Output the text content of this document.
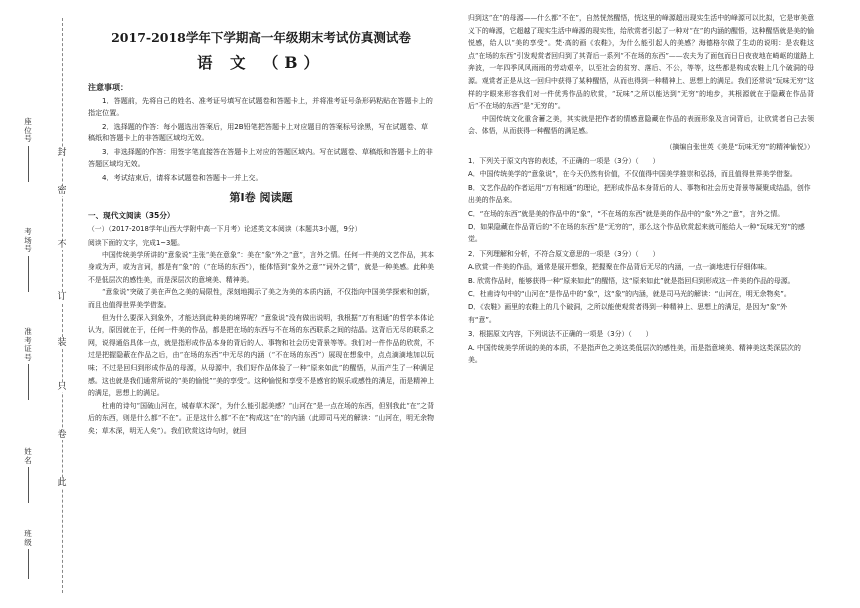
封
密
不
订
装
只
卷
此
座位号
考场号
准考证号
姓名
班级
2017-2018学年下学期高一年级期末考试仿真测试卷
语 文 （B）
注意事项：
1．答题前，先将自己的姓名、准考证号填写在试题卷和答题卡上，并将准考证号条形码粘贴在答题卡上的指定位置。
2．选择题的作答：每小题选出答案后，用2B铅笔把答题卡上对应题目的答案标号涂黑，写在试题卷、草稿纸和答题卡上的非答题区域均无效。
3．非选择题的作答：用签字笔直接答在答题卡上对应的答题区域内。写在试题卷、草稿纸和答题卡上的非答题区域均无效。
4．考试结束后，请将本试题卷和答题卡一并上交。
第Ⅰ卷 阅读题
一、现代文阅读（35分）
（一）（2017-2018学年山西大学附中高一下月考）论述类文本阅读（本题共3小题，9分）
阅读下面的文字，完成1~3题。

中国传统美学所讲的“意象说”主张“美在意象”：美在“象”外之“意”，言外之情。任何一件美的文艺作品，其本身或为声，或为言词，都是有“象”的（“在场的东西”），能体悟到“象外之意”“词外之情”，就是一种美感。此种美不是低层次的感性美，而是深层次的意境美、精神美。

“意象说”突破了美在声色之美的局限性，深刻地揭示了美之为美的本质内涵，不仅指向中国美学探索和创新，而且也值得世界美学借鉴。

但为什么要深入到象外，才能达到此种美的境界呢？“意象说”没有做出说明，我根据“万有相通”的哲学本体论认为，原因就在于，任何一件美的作品，都是把在场的东西与不在场的东西联系之间的结晶。这背后无尽的联系之网，说得通俗具体一点，就是指形成作品本身的背后的人、事物和社会历史背景等等。我们对一件作品的欣赏，不过是把握隐蔽在作品之后，由“在场的东西”中无尽的内涵（“不在场的东西”）展现在想象中，点点滴滴地加以玩味；不过是回归到形成作品的母源，从母源中，我们好作品体验了一种“原来如此”的醒悟，从而产生了一种满足感。这也就是我们通常所说的“美的愉悦”“美的享受”。这种愉悦和享受不是感官的娱乐或感性的满足，而是精神上的满足，思想上的满足。

杜甫的诗句“国破山河在，城春草木深”，为什么能引起美感？“山河在”是一点在场的东西，但别我此“在”之背后的东西，则是什么都“不在”。正是这什么都“不在”构成这“在”的内涵（此即司马光的解读：“山河在，明无余物矣；草木深，明无人矣”）。我们欣赏这诗句时，就回

归到这“在”的母源——什么都“不在”，自然恍然醒悟，恍这里的峰源超出现实生活中的峰源可以比拟，它是审美意义下的峰源，它超越了现实生活中峰源的现实性，给欣赏者引起了一种对“在”的内涵的醒悟，这种醒悟就是美的愉悦感，给人以“美的享受”。梵·高的画《农鞋》，为什么能引起人的美感？海德格尔做了生动的说明：是农鞋这点“在场的东西”引发观赏者回归到了其背后一系列“不在场的东西”——农夫为了面包而日日夜夜地在崎岖的道路上奔波，一年四季风风雨雨的劳动艰辛，以至社会的贫穷、落后、不公，等等，这些都是构成农鞋上几个破洞的母源。观赏者正是从这一回归中获得了某种醒悟，从而也得到一种精神上、思想上的满足。我们还常说“玩味无穷”这样的字眼来形容我们对一件优秀作品的欣赏，“玩味”之所以能达到“无穷”的地步，其根源就在于隐藏在作品背后“不在场的东西”是“无穷的”。

中国传统文化重含蓄之美，其实就是把作者的情感意隐藏在作品的表面形象及言词背后，让欣赏者自己去领会、体悟，从而获得一种醒悟的满足感。

（摘编自张世英《美是“玩味无穷”的精神愉悦》）
1．下列关于原文内容的表述，不正确的一项是（3分）（　　）
A．中国传统美学的“意象说”，在今天仍然有价值，不仅值得中国美学推崇和弘扬，而且值得世界美学借鉴。
B．文艺作品的作者运用“万有相通”的理论，把形成作品本身背后的人、事物和社会历史背景等凝聚成结晶，创作出美的作品来。
C．“在场的东西”就是美的作品中的“象”，“不在场的东西”就是美的作品中的“象”外之“意”，言外之情。
D．如果隐藏在作品背后的“不在场的东西”是“无穷的”，那么这个作品欣赏起来就可能给人一种“玩味无穷”的感觉。
2．下列理解和分析，不符合原文意思的一项是（3分）（　　）
A.欣赏一件美的作品，通常是展开想象，把握聚在作品背后无尽的内涵，一点一滴地进行仔细体味。
B. 欣赏作品时，能够获得一种“原来如此”的醒悟，这“原来如此”就是指回归到形成这一件美的作品的母源。
C．杜甫诗句中的“山河在”是作品中的“象”，这“象”的内涵，就是司马光的解读：“山河在，明无余物矣”。
D．《农鞋》画里的农鞋上的几个破洞，之所以能使观赏者得到一种精神上、思想上的满足，是因为“象”外有“意”。
3．根据原文内容，下列说法不正确的一项是（3分）（　　）
A. 中国传统美学所说的美的本质，不是指声色之美这类低层次的感性美，而是指意境美、精神美这类深层次的美。
